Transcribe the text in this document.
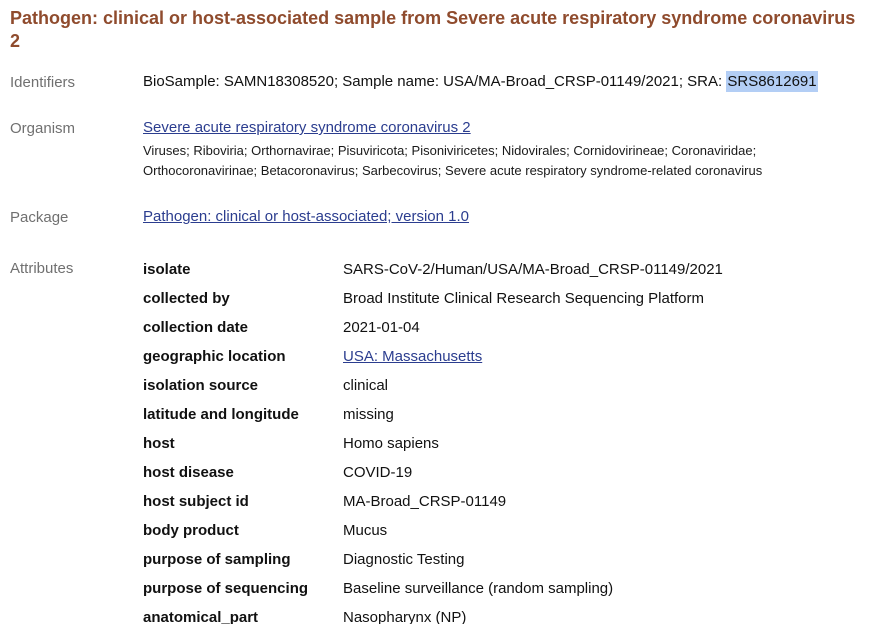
Pathogen: clinical or host-associated sample from Severe acute respiratory syndrome coronavirus 2
Identifiers	BioSample: SAMN18308520; Sample name: USA/MA-Broad_CRSP-01149/2021; SRA: SRS8612691
Organism	Severe acute respiratory syndrome coronavirus 2
Viruses; Riboviria; Orthornavirae; Pisuviricota; Pisoniviricetes; Nidovirales; Cornidovirineae; Coronaviridae; Orthocoronavirinae; Betacoronavirus; Sarbecovirus; Severe acute respiratory syndrome-related coronavirus
Package	Pathogen: clinical or host-associated; version 1.0
Attributes	isolate	SARS-CoV-2/Human/USA/MA-Broad_CRSP-01149/2021
collected by	Broad Institute Clinical Research Sequencing Platform
collection date	2021-01-04
geographic location	USA: Massachusetts
isolation source	clinical
latitude and longitude	missing
host	Homo sapiens
host disease	COVID-19
host subject id	MA-Broad_CRSP-01149
body product	Mucus
purpose of sampling	Diagnostic Testing
purpose of sequencing	Baseline surveillance (random sampling)
anatomical_part	Nasopharynx (NP)
